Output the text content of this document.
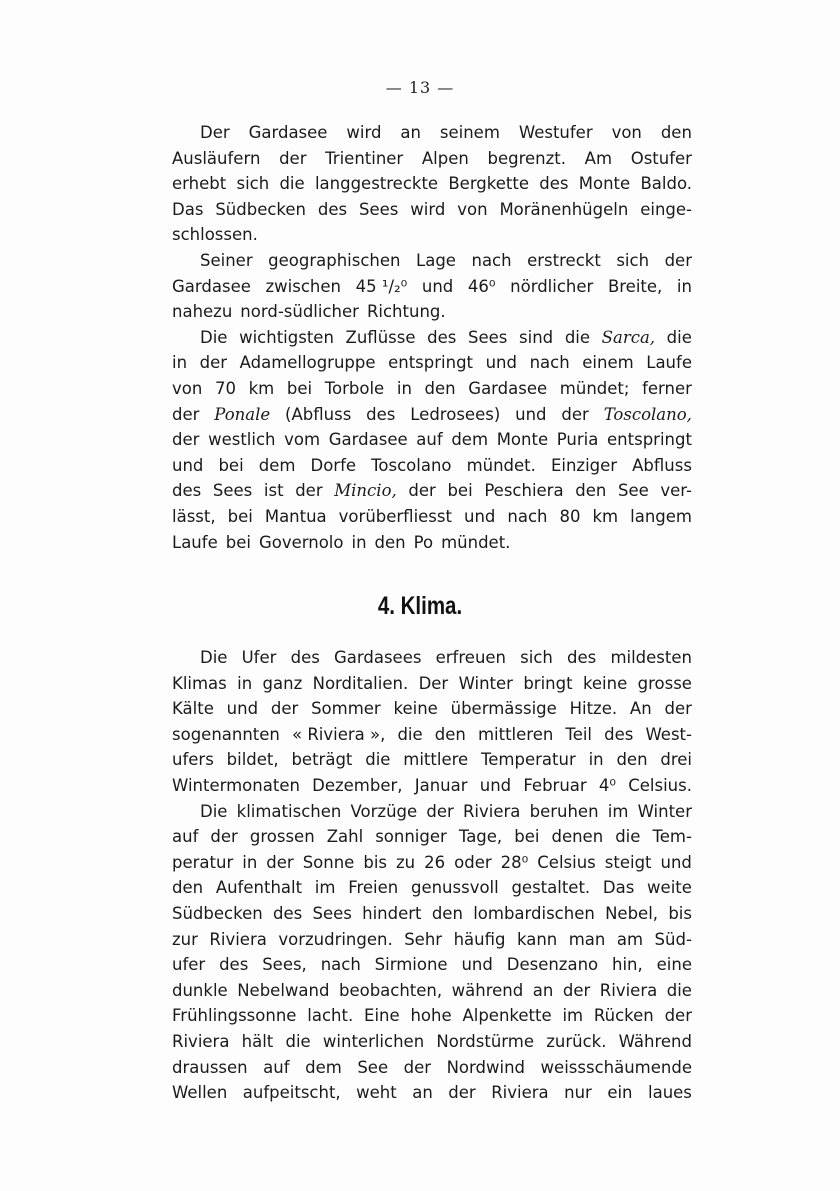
— 13 —
Der Gardasee wird an seinem Westufer von den
Ausläufern der Trientiner Alpen begrenzt. Am Ostufer
erhebt sich die langgestreckte Bergkette des Monte Baldo.
Das Südbecken des Sees wird von Moränenhügeln einge-
schlossen.
Seiner geographischen Lage nach erstreckt sich der
Gardasee zwischen 45 ¹/₂⁰ und 46⁰ nördlicher Breite, in
nahezu nord-südlicher Richtung.
Die wichtigsten Zuflüsse des Sees sind die Sarca, die
in der Adamellogruppe entspringt und nach einem Laufe
von 70 km bei Torbole in den Gardasee mündet; ferner
der Ponale (Abfluss des Ledrosees) und der Toscolano,
der westlich vom Gardasee auf dem Monte Puria entspringt
und bei dem Dorfe Toscolano mündet. Einziger Abfluss
des Sees ist der Mincio, der bei Peschiera den See ver-
lässt, bei Mantua vorüberfliesst und nach 80 km langem
Laufe bei Governolo in den Po mündet.
4. Klima.
Die Ufer des Gardasees erfreuen sich des mildesten
Klimas in ganz Norditalien. Der Winter bringt keine grosse
Kälte und der Sommer keine übermässige Hitze. An der
sogenannten « Riviera », die den mittleren Teil des West-
ufers bildet, beträgt die mittlere Temperatur in den drei
Wintermonaten Dezember, Januar und Februar 4⁰ Celsius.
Die klimatischen Vorzüge der Riviera beruhen im Winter
auf der grossen Zahl sonniger Tage, bei denen die Tem-
peratur in der Sonne bis zu 26 oder 28⁰ Celsius steigt und
den Aufenthalt im Freien genussvoll gestaltet. Das weite
Südbecken des Sees hindert den lombardischen Nebel, bis
zur Riviera vorzudringen. Sehr häufig kann man am Süd-
ufer des Sees, nach Sirmione und Desenzano hin, eine
dunkle Nebelwand beobachten, während an der Riviera die
Frühlingssonne lacht. Eine hohe Alpenkette im Rücken der
Riviera hält die winterlichen Nordstürme zurück. Während
draussen auf dem See der Nordwind weissschäumende
Wellen aufpeitscht, weht an der Riviera nur ein laues
